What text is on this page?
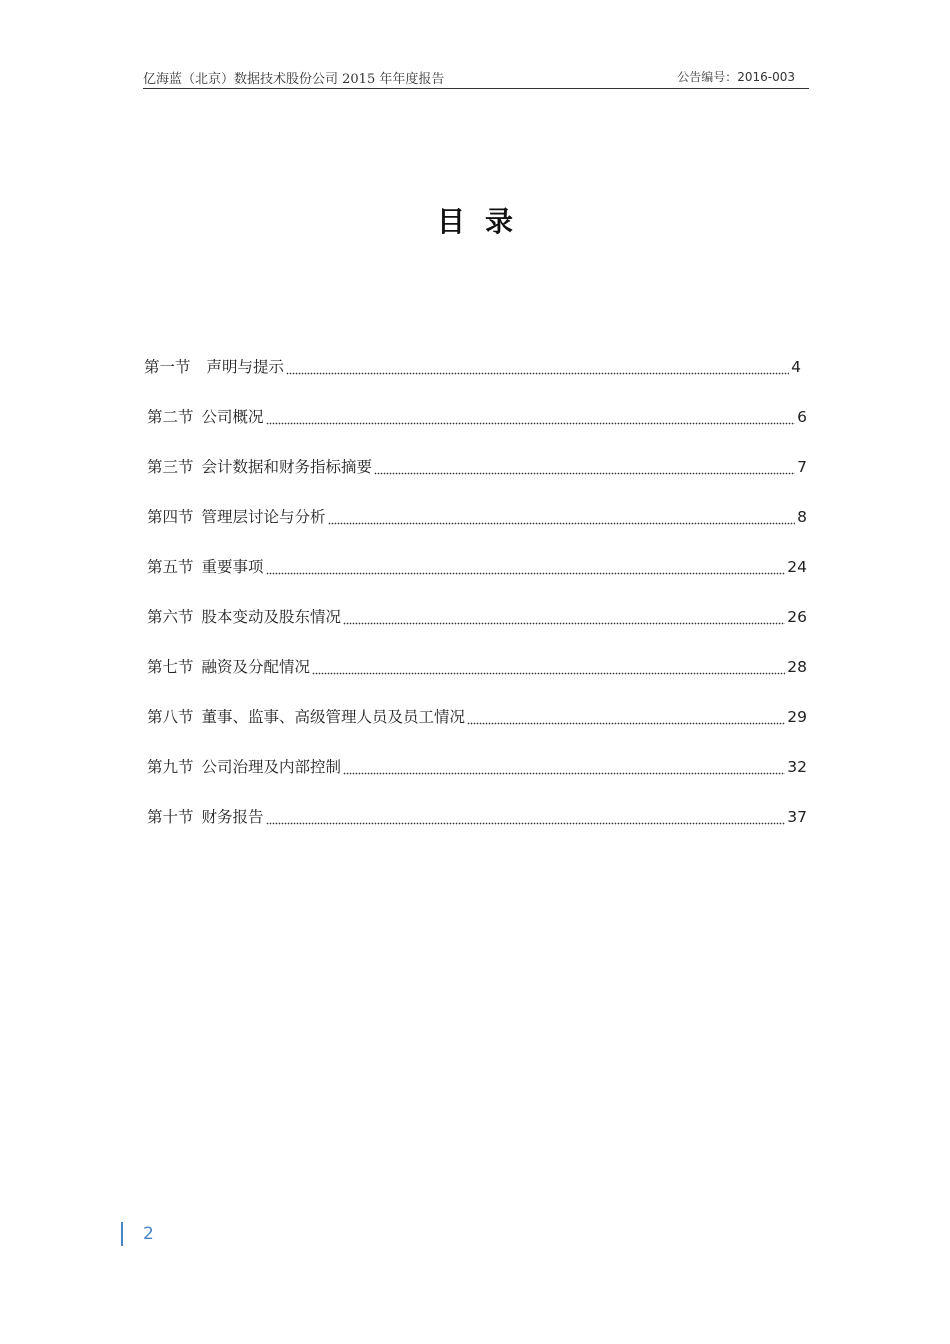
亿海蓝（北京）数据技术股份公司 2015 年年度报告	公告编号：2016-003
目录
第一节 声明与提示	4
第二节 公司概况	6
第三节 会计数据和财务指标摘要	7
第四节 管理层讨论与分析	8
第五节 重要事项	24
第六节 股本变动及股东情况	26
第七节 融资及分配情况	28
第八节 董事、监事、高级管理人员及员工情况	29
第九节 公司治理及内部控制	32
第十节 财务报告	37
2
